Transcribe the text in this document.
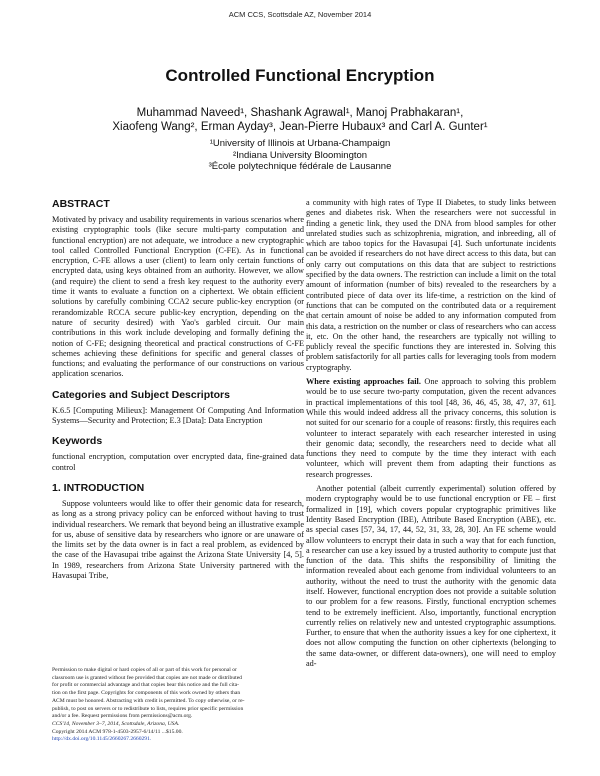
ACM CCS, Scottsdale AZ, November 2014
Controlled Functional Encryption
Muhammad Naveed¹, Shashank Agrawal¹, Manoj Prabhakaran¹,
Xiaofeng Wang², Erman Ayday³, Jean-Pierre Hubaux³ and Carl A. Gunter¹
¹University of Illinois at Urbana-Champaign
²Indiana University Bloomington
³École polytechnique fédérale de Lausanne
ABSTRACT

Motivated by privacy and usability requirements in various scenarios where existing cryptographic tools (like secure multi-party computation and functional encryption) are not adequate, we introduce a new cryptographic tool called Controlled Functional Encryption (C-FE). As in functional encryption, C-FE allows a user (client) to learn only certain functions of encrypted data, using keys obtained from an authority. However, we allow (and require) the client to send a fresh key request to the authority every time it wants to evaluate a function on a ciphertext. We obtain efficient solutions by carefully combining CCA2 secure public-key encryption (or rerandomizable RCCA secure public-key encryption, depending on the nature of security desired) with Yao's garbled circuit. Our main contributions in this work include developing and formally defining the notion of C-FE; designing theoretical and practical constructions of C-FE schemes achieving these definitions for specific and general classes of functions; and evaluating the performance of our constructions on various application scenarios.

Categories and Subject Descriptors

K.6.5 [Computing Milieux]: Management Of Computing And Information Systems—Security and Protection; E.3 [Data]: Data Encryption

Keywords

functional encryption, computation over encrypted data, fine-grained data control

1. INTRODUCTION

Suppose volunteers would like to offer their genomic data for research, as long as a strong privacy policy can be enforced without having to trust individual researchers. We remark that beyond being an illustrative example for us, abuse of sensitive data by researchers who ignore or are unaware of the limits set by the data owner is in fact a real problem, as evidenced by the case of the Havasupai tribe against the Arizona State University [4, 5]. In 1989, researchers from Arizona State University partnered with the Havasupai Tribe,

Permission to make digital or hard copies of all or part of this work for personal or
classroom use is granted without fee provided that copies are not made or distributed
for profit or commercial advantage and that copies bear this notice and the full cita-
tion on the first page. Copyrights for components of this work owned by others than
ACM must be honored. Abstracting with credit is permitted. To copy otherwise, or re-
publish, to post on servers or to redistribute to lists, requires prior specific permission
and/or a fee. Request permissions from permissions@acm.org.
CCS'14, November 3–7, 2014, Scottsdale, Arizona, USA.
Copyright 2014 ACM 978-1-4503-2957-6/14/11 ...$15.00.
http://dx.doi.org/10.1145/2660267.2660291.

a community with high rates of Type II Diabetes, to study links between genes and diabetes risk. When the researchers were not successful in finding a genetic link, they used the DNA from blood samples for other unrelated studies such as schizophrenia, migration, and inbreeding, all of which are taboo topics for the Havasupai [4]. Such unfortunate incidents can be avoided if researchers do not have direct access to this data, but can only carry out computations on this data that are subject to restrictions specified by the data owners. The restriction can include a limit on the total amount of information (number of bits) revealed to the researchers by a contributed piece of data over its life-time, a restriction on the kind of functions that can be computed on the contributed data or a requirement that certain amount of noise be added to any information computed from this data, a restriction on the number or class of researchers who can access it, etc. On the other hand, the researchers are typically not willing to publicly reveal the specific functions they are interested in. Solving this problem satisfactorily for all parties calls for leveraging tools from modern cryptography.

Where existing approaches fail. One approach to solving this problem would be to use secure two-party computation, given the recent advances in practical implementations of this tool [48, 36, 46, 45, 38, 47, 37, 61]. While this would indeed address all the privacy concerns, this solution is not suited for our scenario for a couple of reasons: firstly, this requires each volunteer to interact separately with each researcher interested in using their genomic data; secondly, the researchers need to decide what all functions they need to compute by the time they interact with each volunteer, which will prevent them from adapting their functions as research progresses.

Another potential (albeit currently experimental) solution offered by modern cryptography would be to use functional encryption or FE – first formalized in [19], which covers popular cryptographic primitives like Identity Based Encryption (IBE), Attribute Based Encryption (ABE), etc. as special cases [57, 34, 17, 44, 52, 31, 33, 28, 30]. An FE scheme would allow volunteers to encrypt their data in such a way that for each function, a researcher can use a key issued by a trusted authority to compute just that function of the data. This shifts the responsibility of limiting the information revealed about each genome from individual volunteers to an authority, without the need to trust the authority with the genomic data itself. However, functional encryption does not provide a suitable solution to our problem for a few reasons. Firstly, functional encryption schemes tend to be extremely inefficient. Also, importantly, functional encryption currently relies on relatively new and untested cryptographic assumptions. Further, to ensure that when the authority issues a key for one ciphertext, it does not allow computing the function on other ciphertexts (belonging to the same data-owner, or different data-owners), one will need to employ ad-
